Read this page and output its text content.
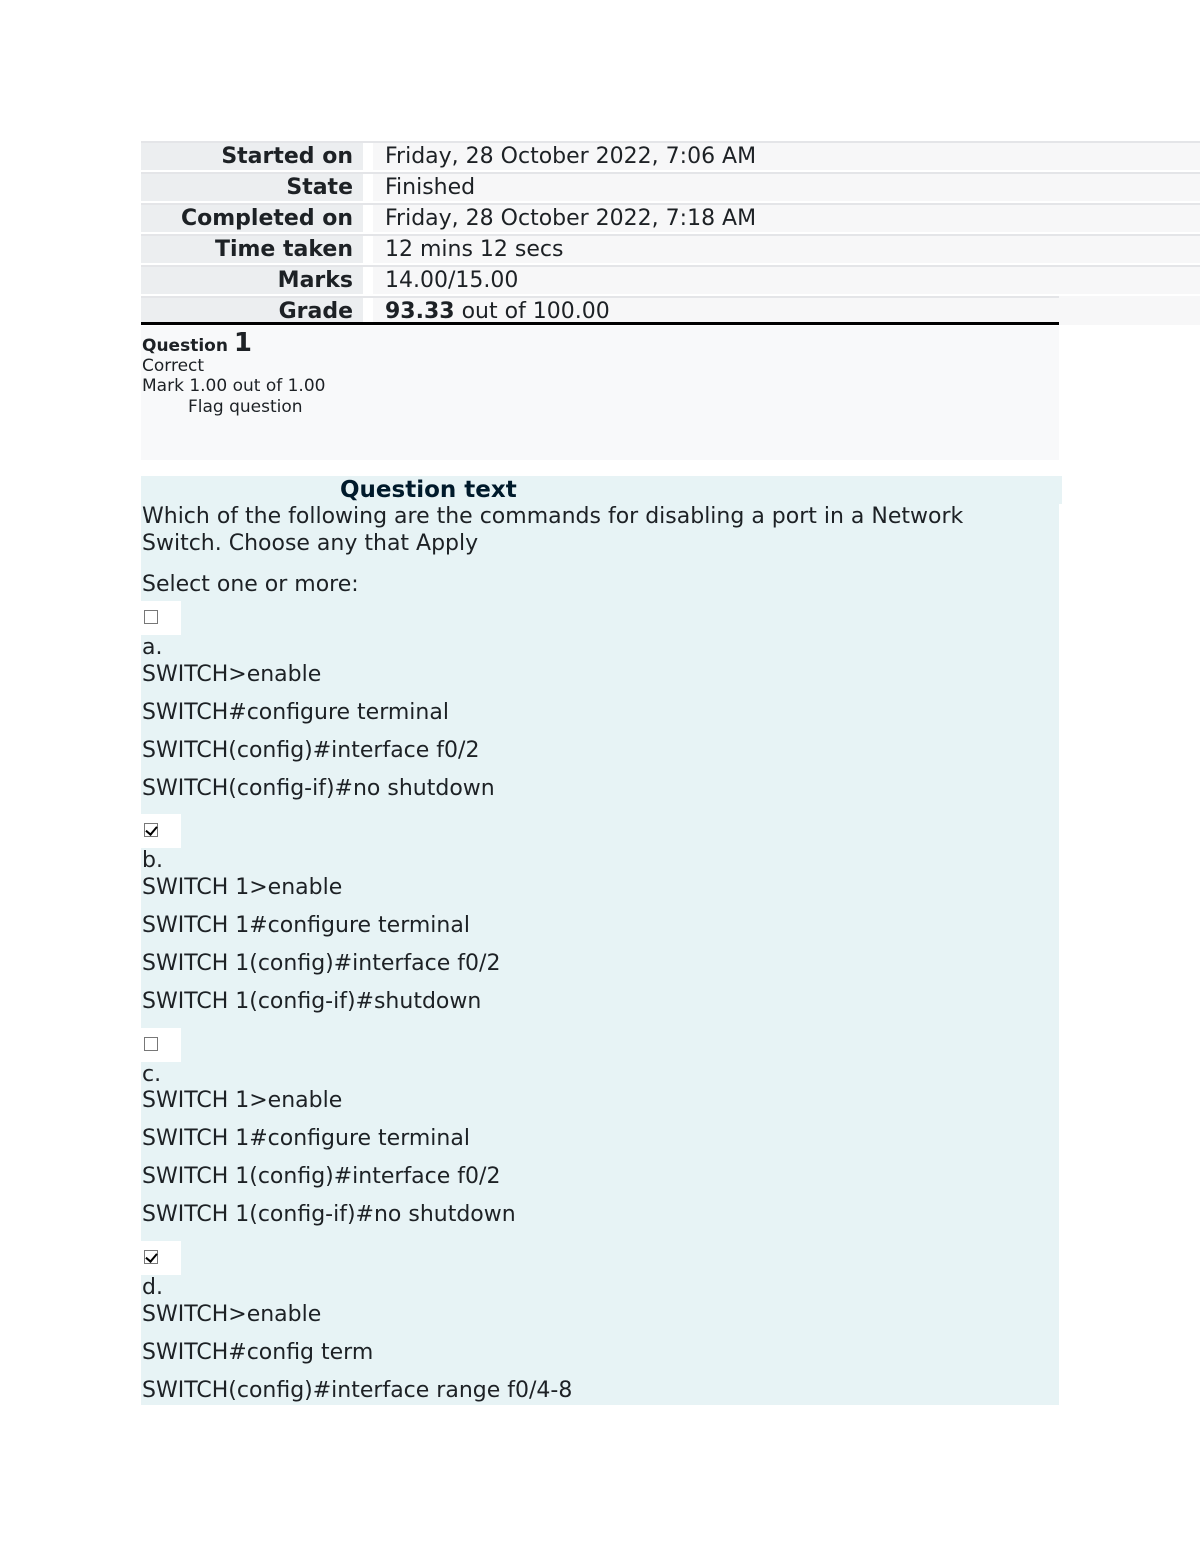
Started on	Friday, 28 October 2022, 7:06 AM
State	Finished
Completed on	Friday, 28 October 2022, 7:18 AM
Time taken	12 mins 12 secs
Marks	14.00/15.00
Grade	93.33 out of 100.00
Question 1
Correct
Mark 1.00 out of 1.00
Flag question
Question text
Which of the following are the commands for disabling a port in a Network Switch. Choose any that Apply
Select one or more:
a.
SWITCH>enable
SWITCH#configure terminal
SWITCH(config)#interface f0/2
SWITCH(config-if)#no shutdown
b.
SWITCH 1>enable
SWITCH 1#configure terminal
SWITCH 1(config)#interface f0/2
SWITCH 1(config-if)#shutdown
c.
SWITCH 1>enable
SWITCH 1#configure terminal
SWITCH 1(config)#interface f0/2
SWITCH 1(config-if)#no shutdown
d.
SWITCH>enable
SWITCH#config term
SWITCH(config)#interface range f0/4-8
